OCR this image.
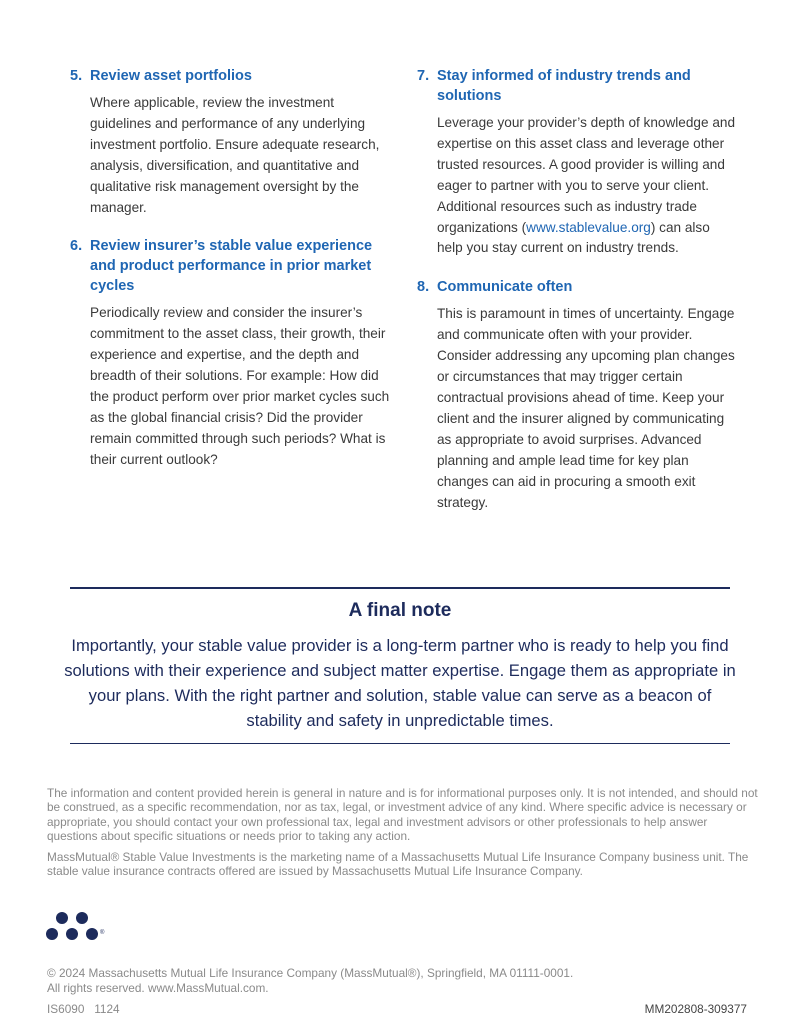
5. Review asset portfolios
Where applicable, review the investment guidelines and performance of any underlying investment portfolio. Ensure adequate research, analysis, diversification, and quantitative and qualitative risk management oversight by the manager.
6. Review insurer’s stable value experience and product performance in prior market cycles
Periodically review and consider the insurer’s commitment to the asset class, their growth, their experience and expertise, and the depth and breadth of their solutions. For example: How did the product perform over prior market cycles such as the global financial crisis? Did the provider remain committed through such periods? What is their current outlook?
7. Stay informed of industry trends and solutions
Leverage your provider’s depth of knowledge and expertise on this asset class and leverage other trusted resources. A good provider is willing and eager to partner with you to serve your client. Additional resources such as industry trade organizations (www.stablevalue.org) can also help you stay current on industry trends.
8. Communicate often
This is paramount in times of uncertainty. Engage and communicate often with your provider. Consider addressing any upcoming plan changes or circumstances that may trigger certain contractual provisions ahead of time. Keep your client and the insurer aligned by communicating as appropriate to avoid surprises. Advanced planning and ample lead time for key plan changes can aid in procuring a smooth exit strategy.
A final note
Importantly, your stable value provider is a long-term partner who is ready to help you find solutions with their experience and subject matter expertise. Engage them as appropriate in your plans. With the right partner and solution, stable value can serve as a beacon of stability and safety in unpredictable times.

The information and content provided herein is general in nature and is for informational purposes only. It is not intended, and should not be construed, as a specific recommendation, nor as tax, legal, or investment advice of any kind. Where specific advice is necessary or appropriate, you should contact your own professional tax, legal and investment advisors or other professionals to help answer questions about specific situations or needs prior to taking any action.

MassMutual® Stable Value Investments is the marketing name of a Massachusetts Mutual Life Insurance Company business unit. The stable value insurance contracts offered are issued by Massachusetts Mutual Life Insurance Company.

®
© 2024 Massachusetts Mutual Life Insurance Company (MassMutual®), Springfield, MA 01111-0001.
All rights reserved. www.MassMutual.com.
IS6090   1124	MM202808-309377
